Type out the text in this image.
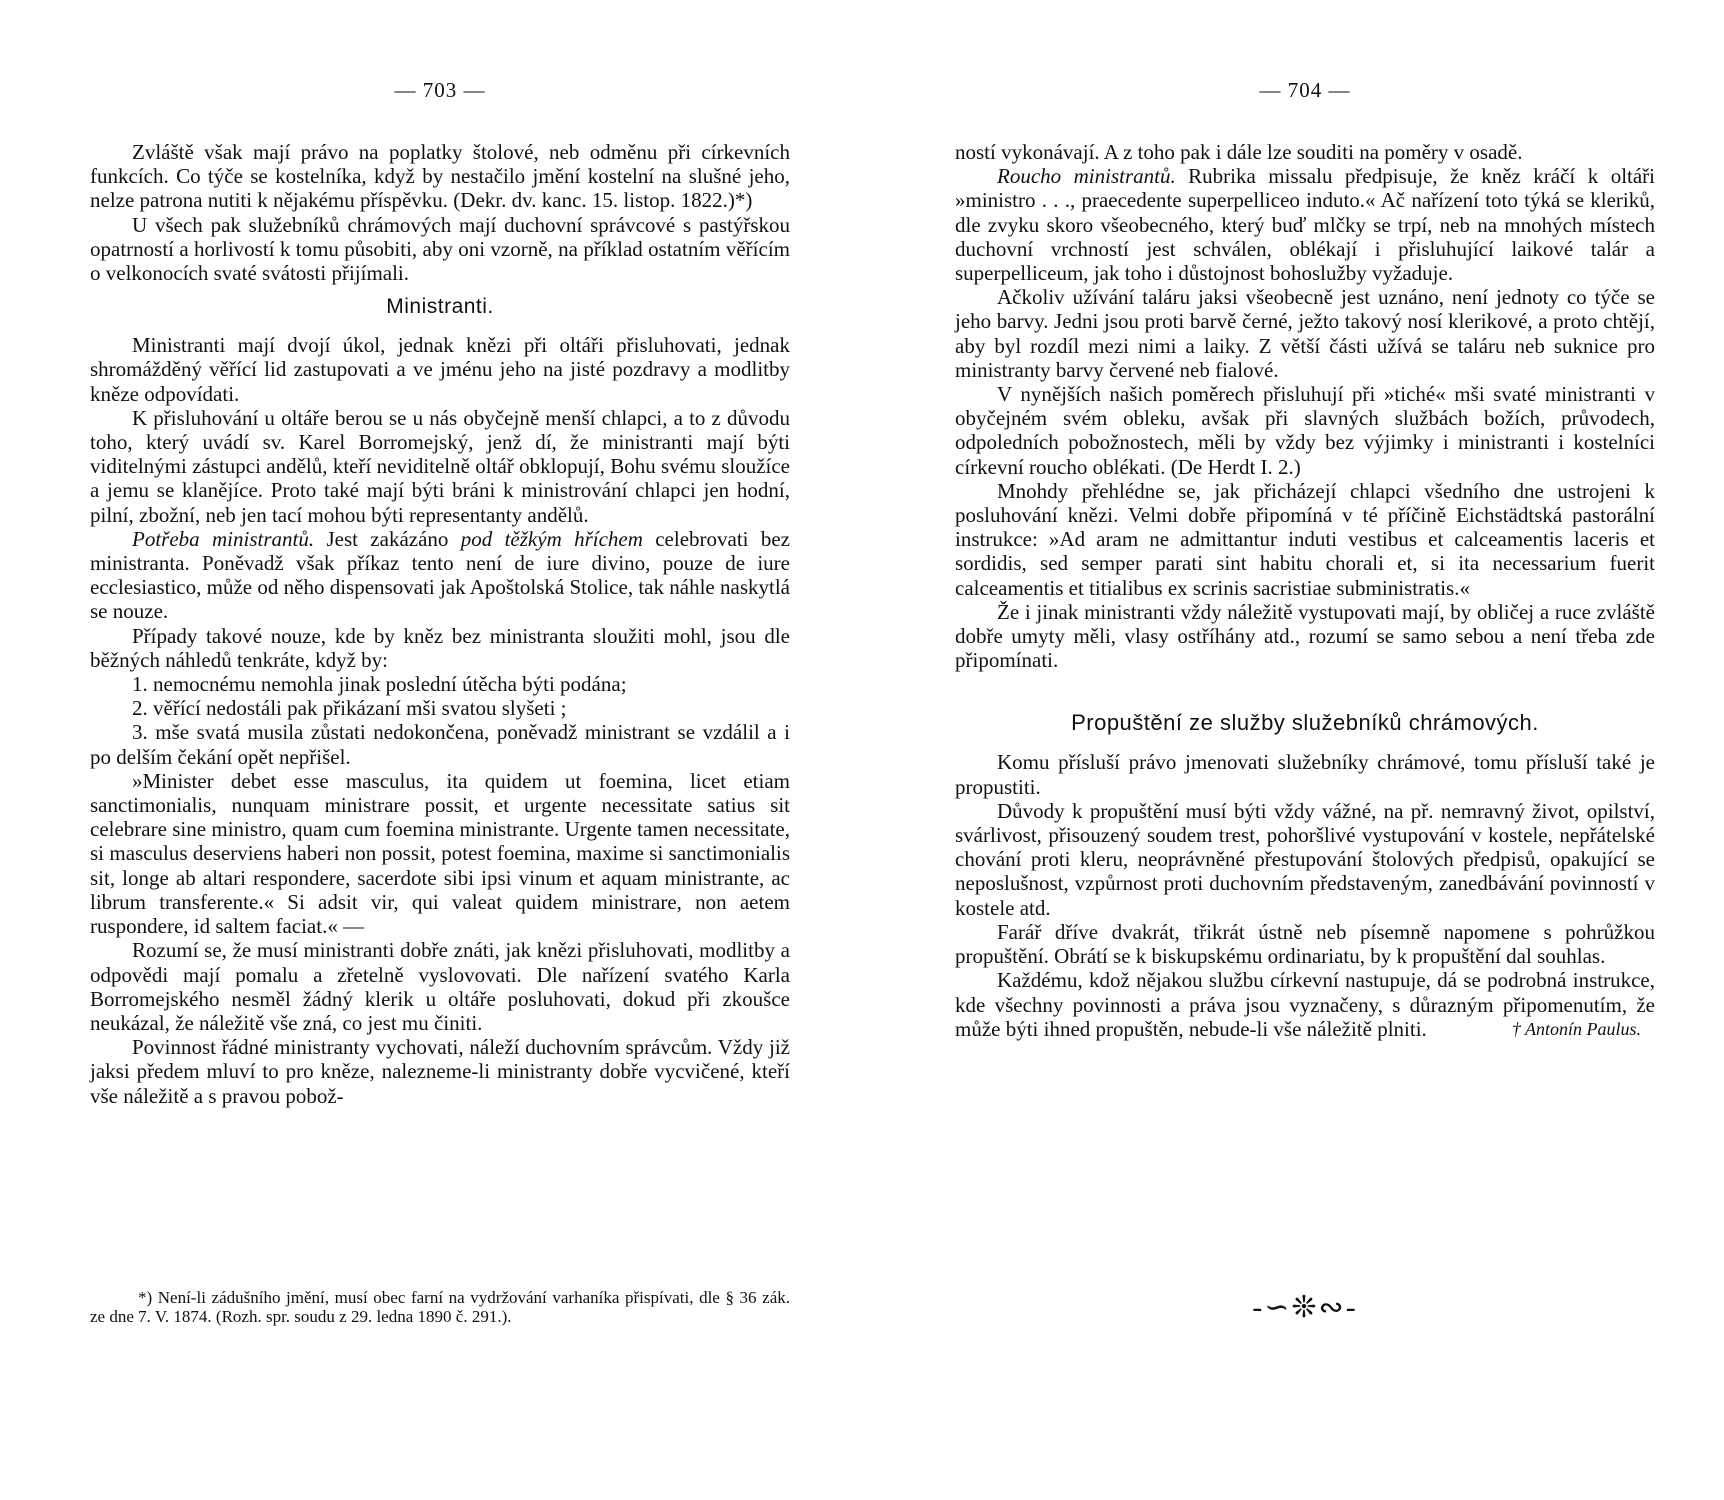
— 703 —

Zvláště však mají právo na poplatky štolové, neb odměnu při církevních funkcích. Co týče se kostelníka, když by nestačilo jmění kostelní na slušné jeho, nelze patrona nutiti k nějakému příspěvku. (Dekr. dv. kanc. 15. listop. 1822.)*)

U všech pak služebníků chrámových mají duchovní správcové s pastýřskou opatrností a horlivostí k tomu působiti, aby oni vzorně, na příklad ostatním věřícím o velkonocích svaté svátosti přijímali.

Ministranti.

Ministranti mají dvojí úkol, jednak knězi při oltáři přisluhovati, jednak shromážděný věřící lid zastupovati a ve jménu jeho na jisté pozdravy a modlitby kněze odpovídati.

K přisluhování u oltáře berou se u nás obyčejně menší chlapci, a to z důvodu toho, který uvádí sv. Karel Borromejský, jenž dí, že ministranti mají býti viditelnými zástupci andělů, kteří neviditelně oltář obklopují, Bohu svému sloužíce a jemu se klanějíce. Proto také mají býti bráni k ministrování chlapci jen hodní, pilní, zbožní, neb jen tací mohou býti representanty andělů.

Potřeba ministrantů. Jest zakázáno pod těžkým hříchem celebrovati bez ministranta. Poněvadž však příkaz tento není de iure divino, pouze de iure ecclesiastico, může od něho dispensovati jak Apoštolská Stolice, tak náhle naskytlá se nouze.

Případy takové nouze, kde by kněz bez ministranta sloužiti mohl, jsou dle běžných náhledů tenkráte, když by:

1. nemocnému nemohla jinak poslední útěcha býti podána;

2. věřící nedostáli pak přikázaní mši svatou slyšeti ;

3. mše svatá musila zůstati nedokončena, poněvadž ministrant se vzdálil a i po delším čekání opět nepřišel.

»Minister debet esse masculus, ita quidem ut foemina, licet etiam sanctimonialis, nunquam ministrare possit, et urgente necessitate satius sit celebrare sine ministro, quam cum foemina ministrante. Urgente tamen necessitate, si masculus deserviens haberi non possit, potest foemina, maxime si sanctimonialis sit, longe ab altari respondere, sacerdote sibi ipsi vinum et aquam ministrante, ac librum transferente.« Si adsit vir, qui valeat quidem ministrare, non aetem ruspondere, id saltem faciat.« —

Rozumí se, že musí ministranti dobře znáti, jak knězi přisluhovati, modlitby a odpovědi mají pomalu a zřetelně vyslovovati. Dle nařízení svatého Karla Borromejského nesměl žádný klerik u oltáře posluhovati, dokud při zkoušce neukázal, že náležitě vše zná, co jest mu činiti.

Povinnost řádné ministranty vychovati, náleží duchovním správcům. Vždy již jaksi předem mluví to pro kněze, nalezneme-li ministranty dobře vycvičené, kteří vše náležitě a s pravou pobož-

*) Není-li zádušního jmění, musí obec farní na vydržování varhaníka přispívati, dle § 36 zák. ze dne 7. V. 1874. (Rozh. spr. soudu z 29. ledna 1890 č. 291.).
— 704 —

ností vykonávají. A z toho pak i dále lze souditi na poměry v osadě.

Roucho ministrantů. Rubrika missalu předpisuje, že kněz kráčí k oltáři »ministro . . ., praecedente superpelliceo induto.« Ač nařízení toto týká se kleriků, dle zvyku skoro všeobecného, který buď mlčky se trpí, neb na mnohých místech duchovní vrchností jest schválen, oblékají i přisluhující laikové talár a superpelliceum, jak toho i důstojnost bohoslužby vyžaduje.

Ačkoliv užívání taláru jaksi všeobecně jest uznáno, není jednoty co týče se jeho barvy. Jedni jsou proti barvě černé, ježto takový nosí klerikové, a proto chtějí, aby byl rozdíl mezi nimi a laiky. Z větší části užívá se taláru neb suknice pro ministranty barvy červené neb fialové.

V nynějších našich poměrech přisluhují při »tiché« mši svaté ministranti v obyčejném svém obleku, avšak při slavných službách božích, průvodech, odpoledních pobožnostech, měli by vždy bez výjimky i ministranti i kostelníci církevní roucho oblékati. (De Herdt I. 2.)

Mnohdy přehlédne se, jak přicházejí chlapci všedního dne ustrojeni k posluhování knězi. Velmi dobře připomíná v té příčině Eichstädtská pastorální instrukce: »Ad aram ne admittantur induti vestibus et calceamentis laceris et sordidis, sed semper parati sint habitu chorali et, si ita necessarium fuerit calceamentis et titialibus ex scrinis sacristiae subministratis.«

Že i jinak ministranti vždy náležitě vystupovati mají, by obličej a ruce zvláště dobře umyty měli, vlasy ostříhány atd., rozumí se samo sebou a není třeba zde připomínati.

Propuštění ze služby služebníků chrámových.

Komu přísluší právo jmenovati služebníky chrámové, tomu přísluší také je propustiti.

Důvody k propuštění musí býti vždy vážné, na př. nemravný život, opilství, svárlivost, přisouzený soudem trest, pohoršlivé vystupování v kostele, nepřátelské chování proti kleru, neoprávněné přestupování štolových předpisů, opakující se neposlušnost, vzpůrnost proti duchovním představeným, zanedbávání povinností v kostele atd.

Farář dříve dvakrát, třikrát ústně neb písemně napomene s pohrůžkou propuštění. Obrátí se k biskupskému ordinariatu, by k propuštění dal souhlas.

Každému, kdož nějakou službu církevní nastupuje, dá se podrobná instrukce, kde všechny povinnosti a práva jsou vyznačeny, s důrazným připomenutím, že může býti ihned propuštěn, nebude-li vše náležitě plniti.	† Antonín Paulus.

-∽❊∾-
